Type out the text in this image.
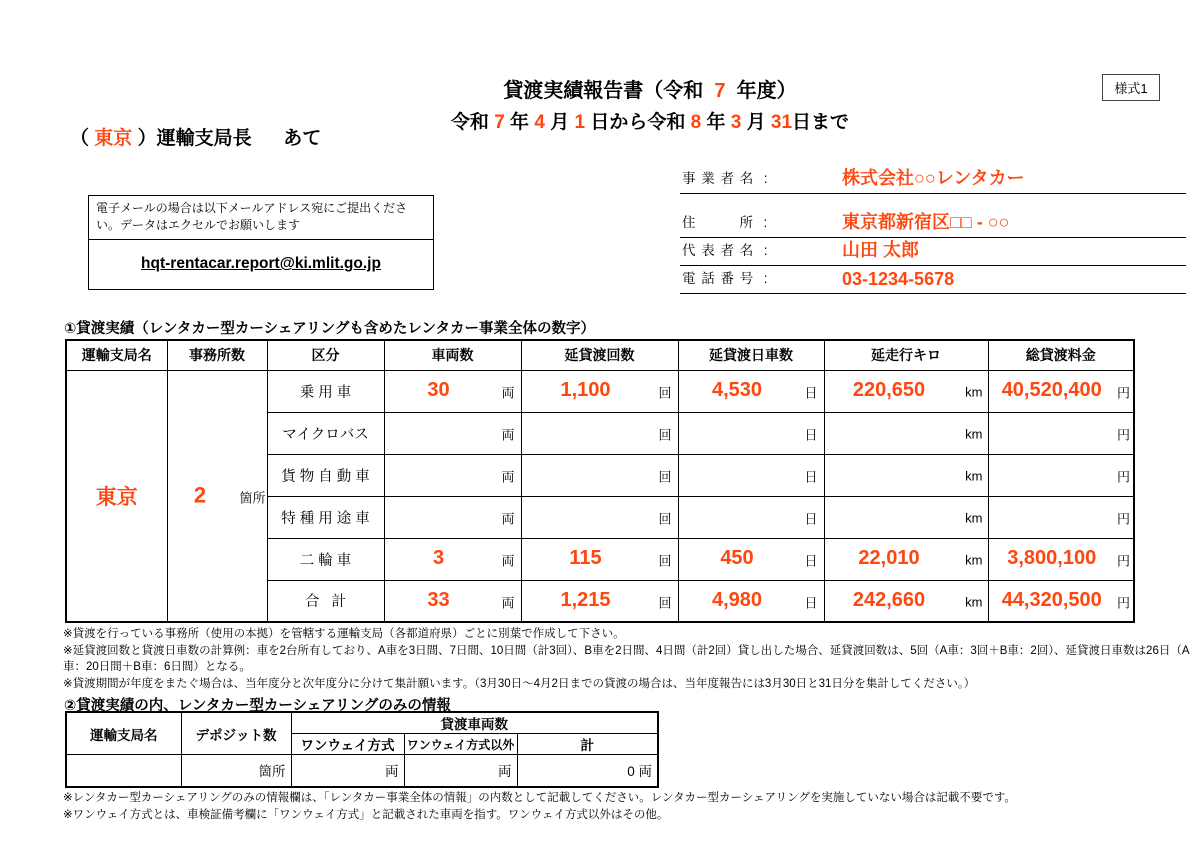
様式1
貸渡実績報告書（令和  7  年度）
令和 7 年 4 月 1 日から令和 8 年 3 月 31日まで
（ 東京 ）運輸支局長      あて
電子メールの場合は以下メールアドレス宛にご提出ください。データはエクセルでお願いします
hqt-rentacar.report@ki.mlit.go.jp
事 業 者 名  :	株式会社○○レンタカー
住　      所  :	東京都新宿区□□ - ○○
代 表 者 名  :	山田 太郎
電 話 番 号  :	03-1234-5678
①貸渡実績（レンタカー型カーシェアリングも含めたレンタカー事業全体の数字）
運輸支局名	事務所数	区分	車両数	延貸渡回数	延貸渡日車数	延走行キロ	総貸渡料金
東京	2 箇所	乗 用 車	30 両	1,100 回	4,530 日	220,650 km	40,520,400 円

		マイクロバス	両	回	日	km	円

		貨 物 自 動 車	両	回	日	km	円

		特 種 用 途 車	両	回	日	km	円

		二 輪 車	3 両	115 回	450 日	22,010 km	3,800,100 円

		合   計	33 両	1,215 回	4,980 日	242,660 km	44,320,500 円

※貸渡を行っている事務所（使用の本拠）を管轄する運輸支局（各都道府県）ごとに別葉で作成して下さい。

※延貸渡回数と貸渡日車数の計算例：車を2台所有しており、A車を3日間、7日間、10日間（計3回）、B車を2日間、4日間（計2回）貸し出した場合、延貸渡回数は、5回（A車：3回＋B車：2回）、延貸渡日車数は26日（A車：20日間＋B車：6日間）となる。

※貸渡期間が年度をまたぐ場合は、当年度分と次年度分に分けて集計願います。（3月30日～4月2日までの貸渡の場合は、当年度報告には3月30日と31日分を集計してください。）

②貸渡実績の内、レンタカー型カーシェアリングのみの情報
運輸支局名	デポジット数	貸渡車両数		
		ワンウェイ方式	ワンウェイ方式以外	計
	箇所	両	両	0 両

※レンタカー型カーシェアリングのみの情報欄は、「レンタカー事業全体の情報」の内数として記載してください。レンタカー型カーシェアリングを実施していない場合は記載不要です。

※ワンウェイ方式とは、車検証備考欄に「ワンウェイ方式」と記載された車両を指す。ワンウェイ方式以外はその他。
